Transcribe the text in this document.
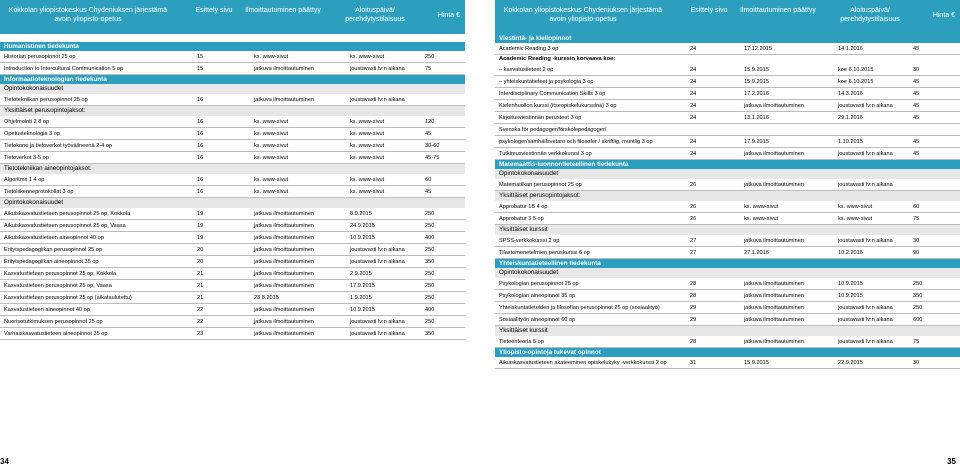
Kokkolan yliopistokeskus Chydeniuksen järjestämä avoin yliopisto-opetus
Esittely sivu	Ilmoittautuminen päättyy	Aloituspäivä/ perehdytystilaisuus
Hinta €
Humanistinen tiedekunta
Historian perusopinnot 25 op	15	ks. www-sivut	ks. www-sivut	250
Introduction to Intercultural Communication 5 op	15	jatkuva ilmoittautuminen	joustavasti lv:n aikana	75
Informaatioteknologian tiedekunta
Opintokokonaisuudet
Tietotekniikan perusopinnot 25 op	16	jatkuva ilmoittautuminen	joustavasti lv:n aikana
Yksittäiset perusopintojaksot:
Ohjelmointi 2 8 op	16	ks. www-sivut	ks. www-sivut	120
Opetusteknologia 3 op	16	ks. www-sivut	ks. www-sivut	45
Tietokone ja tietoverkot työvälineenä 2-4 op	16	ks. www-sivut	ks. www-sivut	30-60
Tietoverkot 3-5 op	16	ks. www-sivut	ks. www-sivut	45-75
Tietotekniikan aineopintojaksot:
Algoritmit 1 4 op	16	ks. www-sivut	ks. www-sivut	60
Tietoliikenneprotokollat 3 op	16	ks. www-sivut	ks. www-sivut	45
Opintokokonaisuudet
Aikuiskasvatustieteen perusopinnot 25 op, Kokkola	19	jatkuva ilmoittautuminen	8.9.2015	250
Aikuiskasvatustieteen perusopinnot 25 op, Vaasa	19	jatkuva ilmoittautuminen	24.9.2015	250
Aikuiskasvatustieteen aineopinnot 40 op	19	jatkuva ilmoittautuminen	10.9.2015	400
Erityispedagogiikan perusopinnot 25 op	20	jatkuva ilmoittautuminen	joustavasti lv:n aikana	250
Erityispedagogiikan aineopinnot 35 op	20	jatkuva ilmoittautuminen	joustavasti lv:n aikana	350
Kasvatustieteen perusopinnot 25 op, Kokkola	21	jatkuva ilmoittautuminen	2.9.2015	250
Kasvatustieteen perusopinnot 25 op, Vaasa	21	jatkuva ilmoittautuminen	17.9.2015	250
Kasvatustieteen perusopinnot 25 op (aikataulutettu)	21	23.8.2015	1.9.2015	250
Kasvatustieteen aineopinnot 40 op	22	jatkuva ilmoittautuminen	10.9.2015	400
Nuorisotutkimuksen perusopinnot 25 op	22	jatkuva ilmoittautuminen	joustavasti lv:n aikana	250
Varhaiskasvatustieteen aineopinnot 35 op	23	jatkuva ilmoittautuminen	joustavasti lv:n aikana	350
Kokkolan yliopistokeskus Chydeniuksen järjestämä avoin yliopisto-opetus
Esittely sivu	Ilmoittautuminen päättyy	Aloituspäivä/ perehdytystilaisuus
Hinta €
Viestintä- ja kieliopinnot
Academic Reading 3 op	24	17.12.2015	14.1.2016	45
Academic Reading -kurssin korvaava koe:
– kasvatustieteet 2 op	24	15.9.2015	koe 6.10.2015	30
– yhteiskuntatieteet ja psykologia 3 op	24	15.9.2015	koe 6.10.2015	45
Interdisciplinary Communication Skills 3 op	24	17.2.2016	14.3.2016	45
Kielenhuollon kurssi (itseopiskelukurssina) 3 op	24	jatkuva ilmoittautuminen	joustavasti lv:n aikana	45
Kirjoitusviestinnän perusteet 3 op	24	13.1.2016	29.1.2016	45
Svenska för pedagoger/förskolepedagoger/
psykologer/samhällsvetare och filosofer / skriftlig, muntlig 3 op	24	17.9.2015	1.10.2015	45
Tutkimusviestinnän verkkokurssi 3 op	24	jatkuva ilmoittautuminen	joustavasti lv:n aikana	45
Matemaattis-luonnontieteellinen tiedekunta
Opintokokonaisuudet
Matematiikan perusopinnot 25 op	26	jatkuva ilmoittautuminen	joustavasti lv:n aikana
Yksittäiset perusopintojaksot:
Approbatur 1B 4 op	26	ks. www-sivut	ks. www-sivut	60
Approbatur 3 5 op	26	ks. www-sivut	ks. www-sivut	75
Yksittäiset kurssit
SPSS-verkkokurssi 2 op	27	jatkuva ilmoittautuminen	joustavasti lv:n aikana	30
Tilastomenetelmien peruskurssi 6 op	27	27.1.2016	10.2.2016	90
Yhteiskuntatieteellinen tiedekunta
Opintokokonaisuudet
Psykologian perusopinnot 25 op	28	jatkuva ilmoittautuminen	10.9.2015	250
Psykologian aineopinnot 35 op	28	jatkuva ilmoittautuminen	10.9.2015	350
Yhteiskuntatieteiden ja filosofian perusopinnot 25 op (sosiaalityö)	29	jatkuva ilmoittautuminen	joustavasti lv:n aikana	250
Sosiaalityön aineopinnot 60 op	29	jatkuva ilmoittautuminen	joustavasti lv:n aikana	600
Yksittäiset kurssit
Tieteenteoria 5 op	28	jatkuva ilmoittautuminen	joustavasti lv:n aikana	75
Yliopisto-opintoja tukevat opinnot
Aikuiskasvatustieteen akateeminen opiskelukyky -verkkokurssi 2 op	31	15.9.2015	22.9.2015	30
34	35
